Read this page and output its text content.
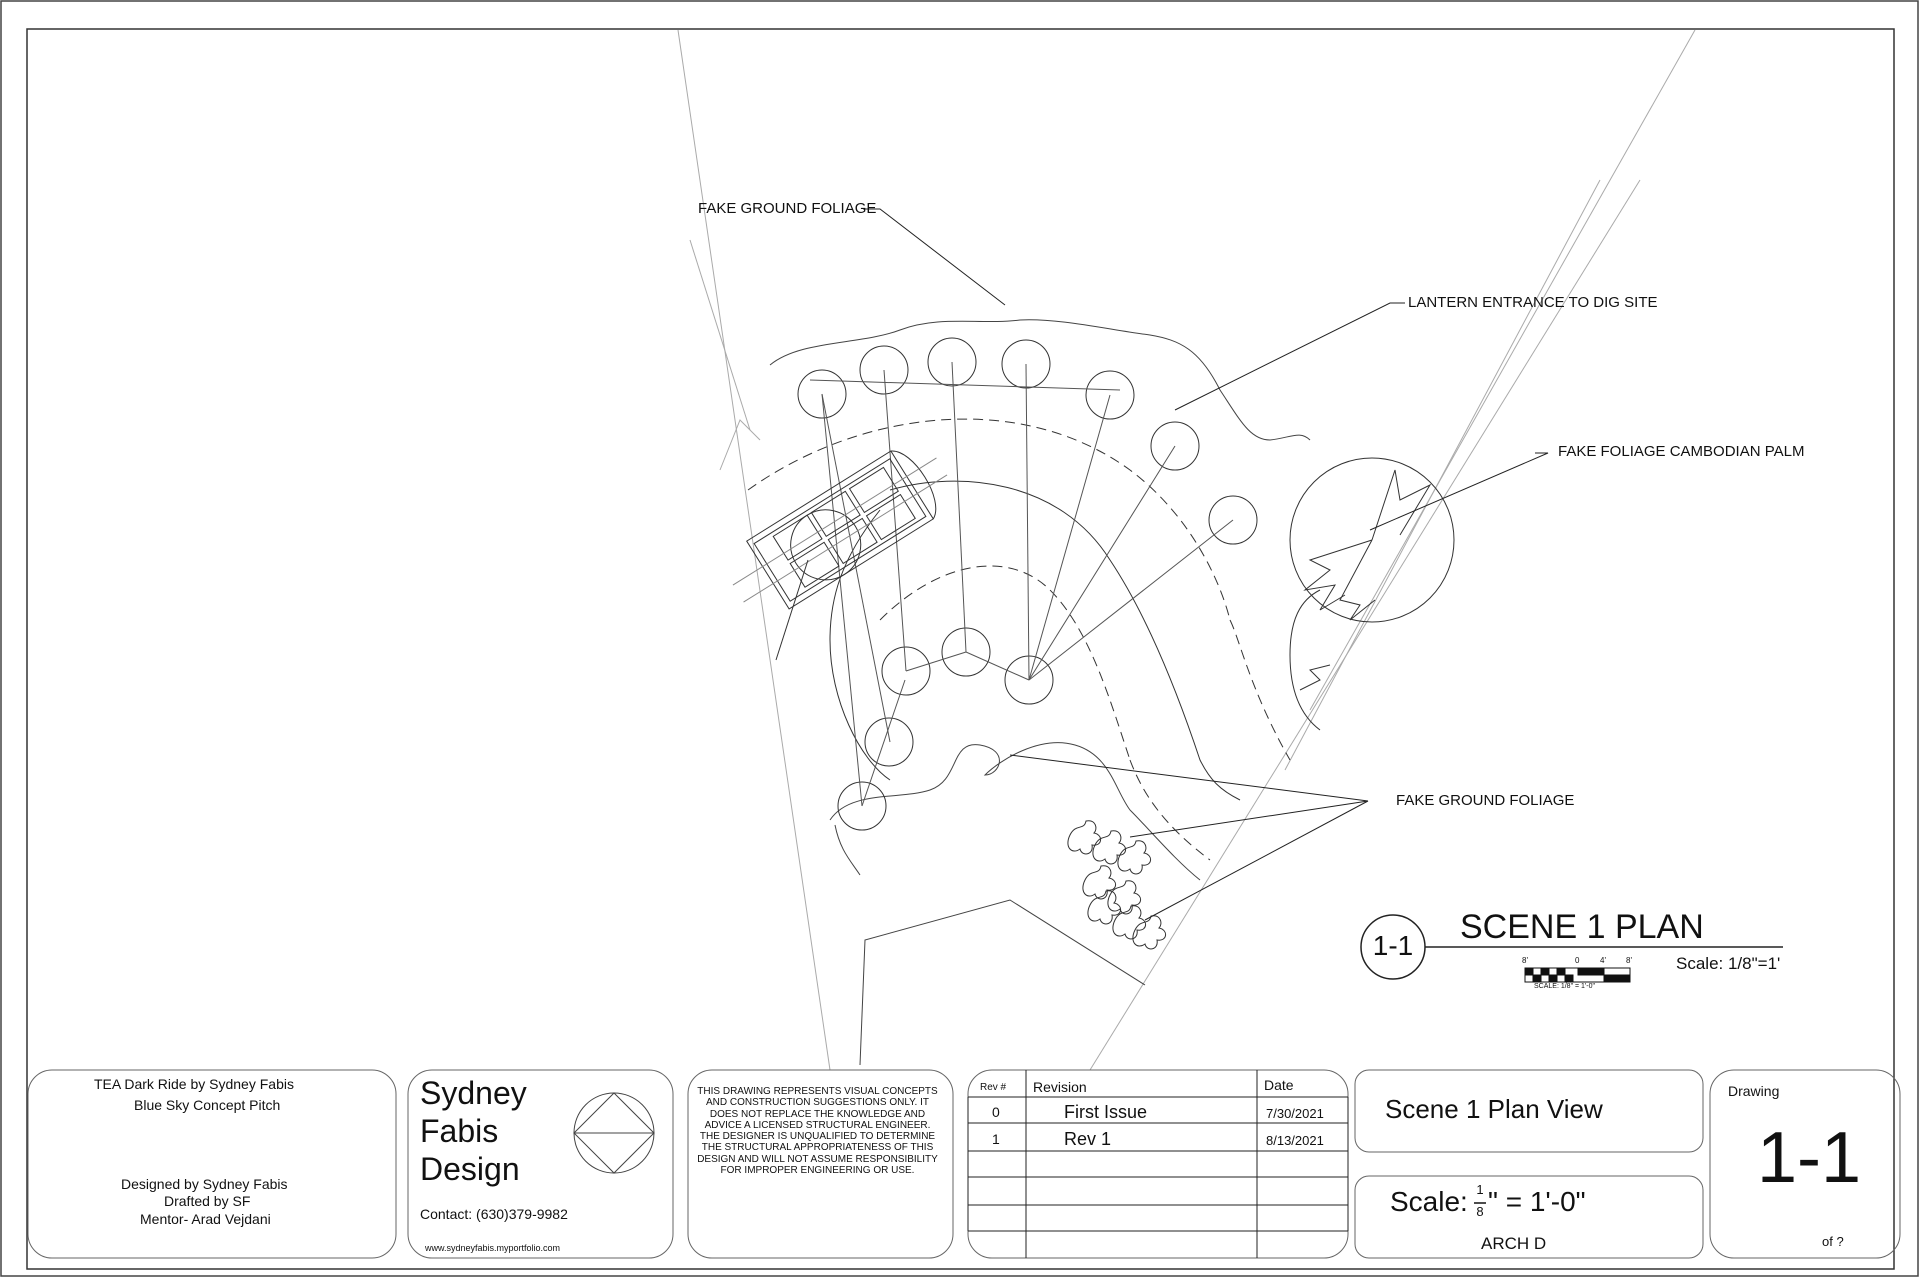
FAKE GROUND FOLIAGE
LANTERN ENTRANCE TO DIG SITE
FAKE FOLIAGE CAMBODIAN PALM
FAKE GROUND FOLIAGE
1-1 SCENE 1 PLAN
Scale: 1/8"=1'
8'	0	4'	8'
SCALE: 1/8" = 1'-0"
TEA Dark Ride by Sydney Fabis
Blue Sky Concept Pitch
Designed by Sydney Fabis
Drafted by SF
Mentor- Arad Vejdani
Sydney
Fabis
Design
Contact: (630)379-9982
www.sydneyfabis.myportfolio.com
THIS DRAWING REPRESENTS VISUAL CONCEPTS AND CONSTRUCTION SUGGESTIONS ONLY. IT DOES NOT REPLACE THE KNOWLEDGE AND ADVICE A LICENSED STRUCTURAL ENGINEER. THE DESIGNER IS UNQUALIFIED TO DETERMINE THE STRUCTURAL APPROPRIATENESS OF THIS DESIGN AND WILL NOT ASSUME RESPONSIBILITY FOR IMPROPER ENGINEERING OR USE.
Rev # Revision	Date
0	First Issue	7/30/2021
1	Rev 1	8/13/2021
Scene 1 Plan View
Scale: 1
8 " = 1'-0"
ARCH D
Drawing
1-1
of ?
